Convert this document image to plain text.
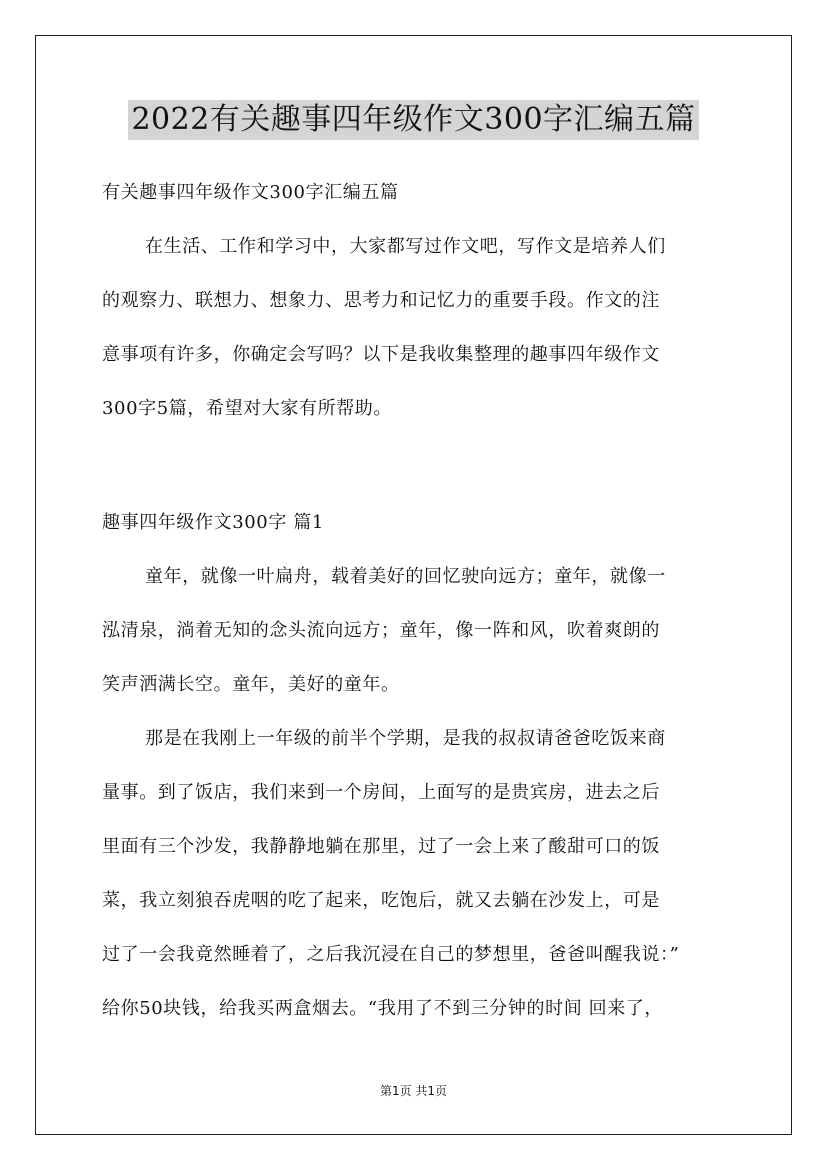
2022有关趣事四年级作文300字汇编五篇
有关趣事四年级作文300字汇编五篇
在生活、工作和学习中，大家都写过作文吧，写作文是培养人们
的观察力、联想力、想象力、思考力和记忆力的重要手段。作文的注
意事项有许多，你确定会写吗？以下是我收集整理的趣事四年级作文
300字5篇，希望对大家有所帮助。
趣事四年级作文300字 篇1
童年，就像一叶扁舟，载着美好的回忆驶向远方；童年，就像一
泓清泉，淌着无知的念头流向远方；童年，像一阵和风，吹着爽朗的
笑声洒满长空。童年，美好的童年。
那是在我刚上一年级的前半个学期，是我的叔叔请爸爸吃饭来商
量事。到了饭店，我们来到一个房间，上面写的是贵宾房，进去之后
里面有三个沙发，我静静地躺在那里，过了一会上来了酸甜可口的饭
菜，我立刻狼吞虎咽的吃了起来，吃饱后，就又去躺在沙发上，可是
过了一会我竟然睡着了，之后我沉浸在自己的梦想里，爸爸叫醒我说：”
给你50块钱，给我买两盒烟去。“我用了不到三分钟的时间 回来了，
第1页 共1页
